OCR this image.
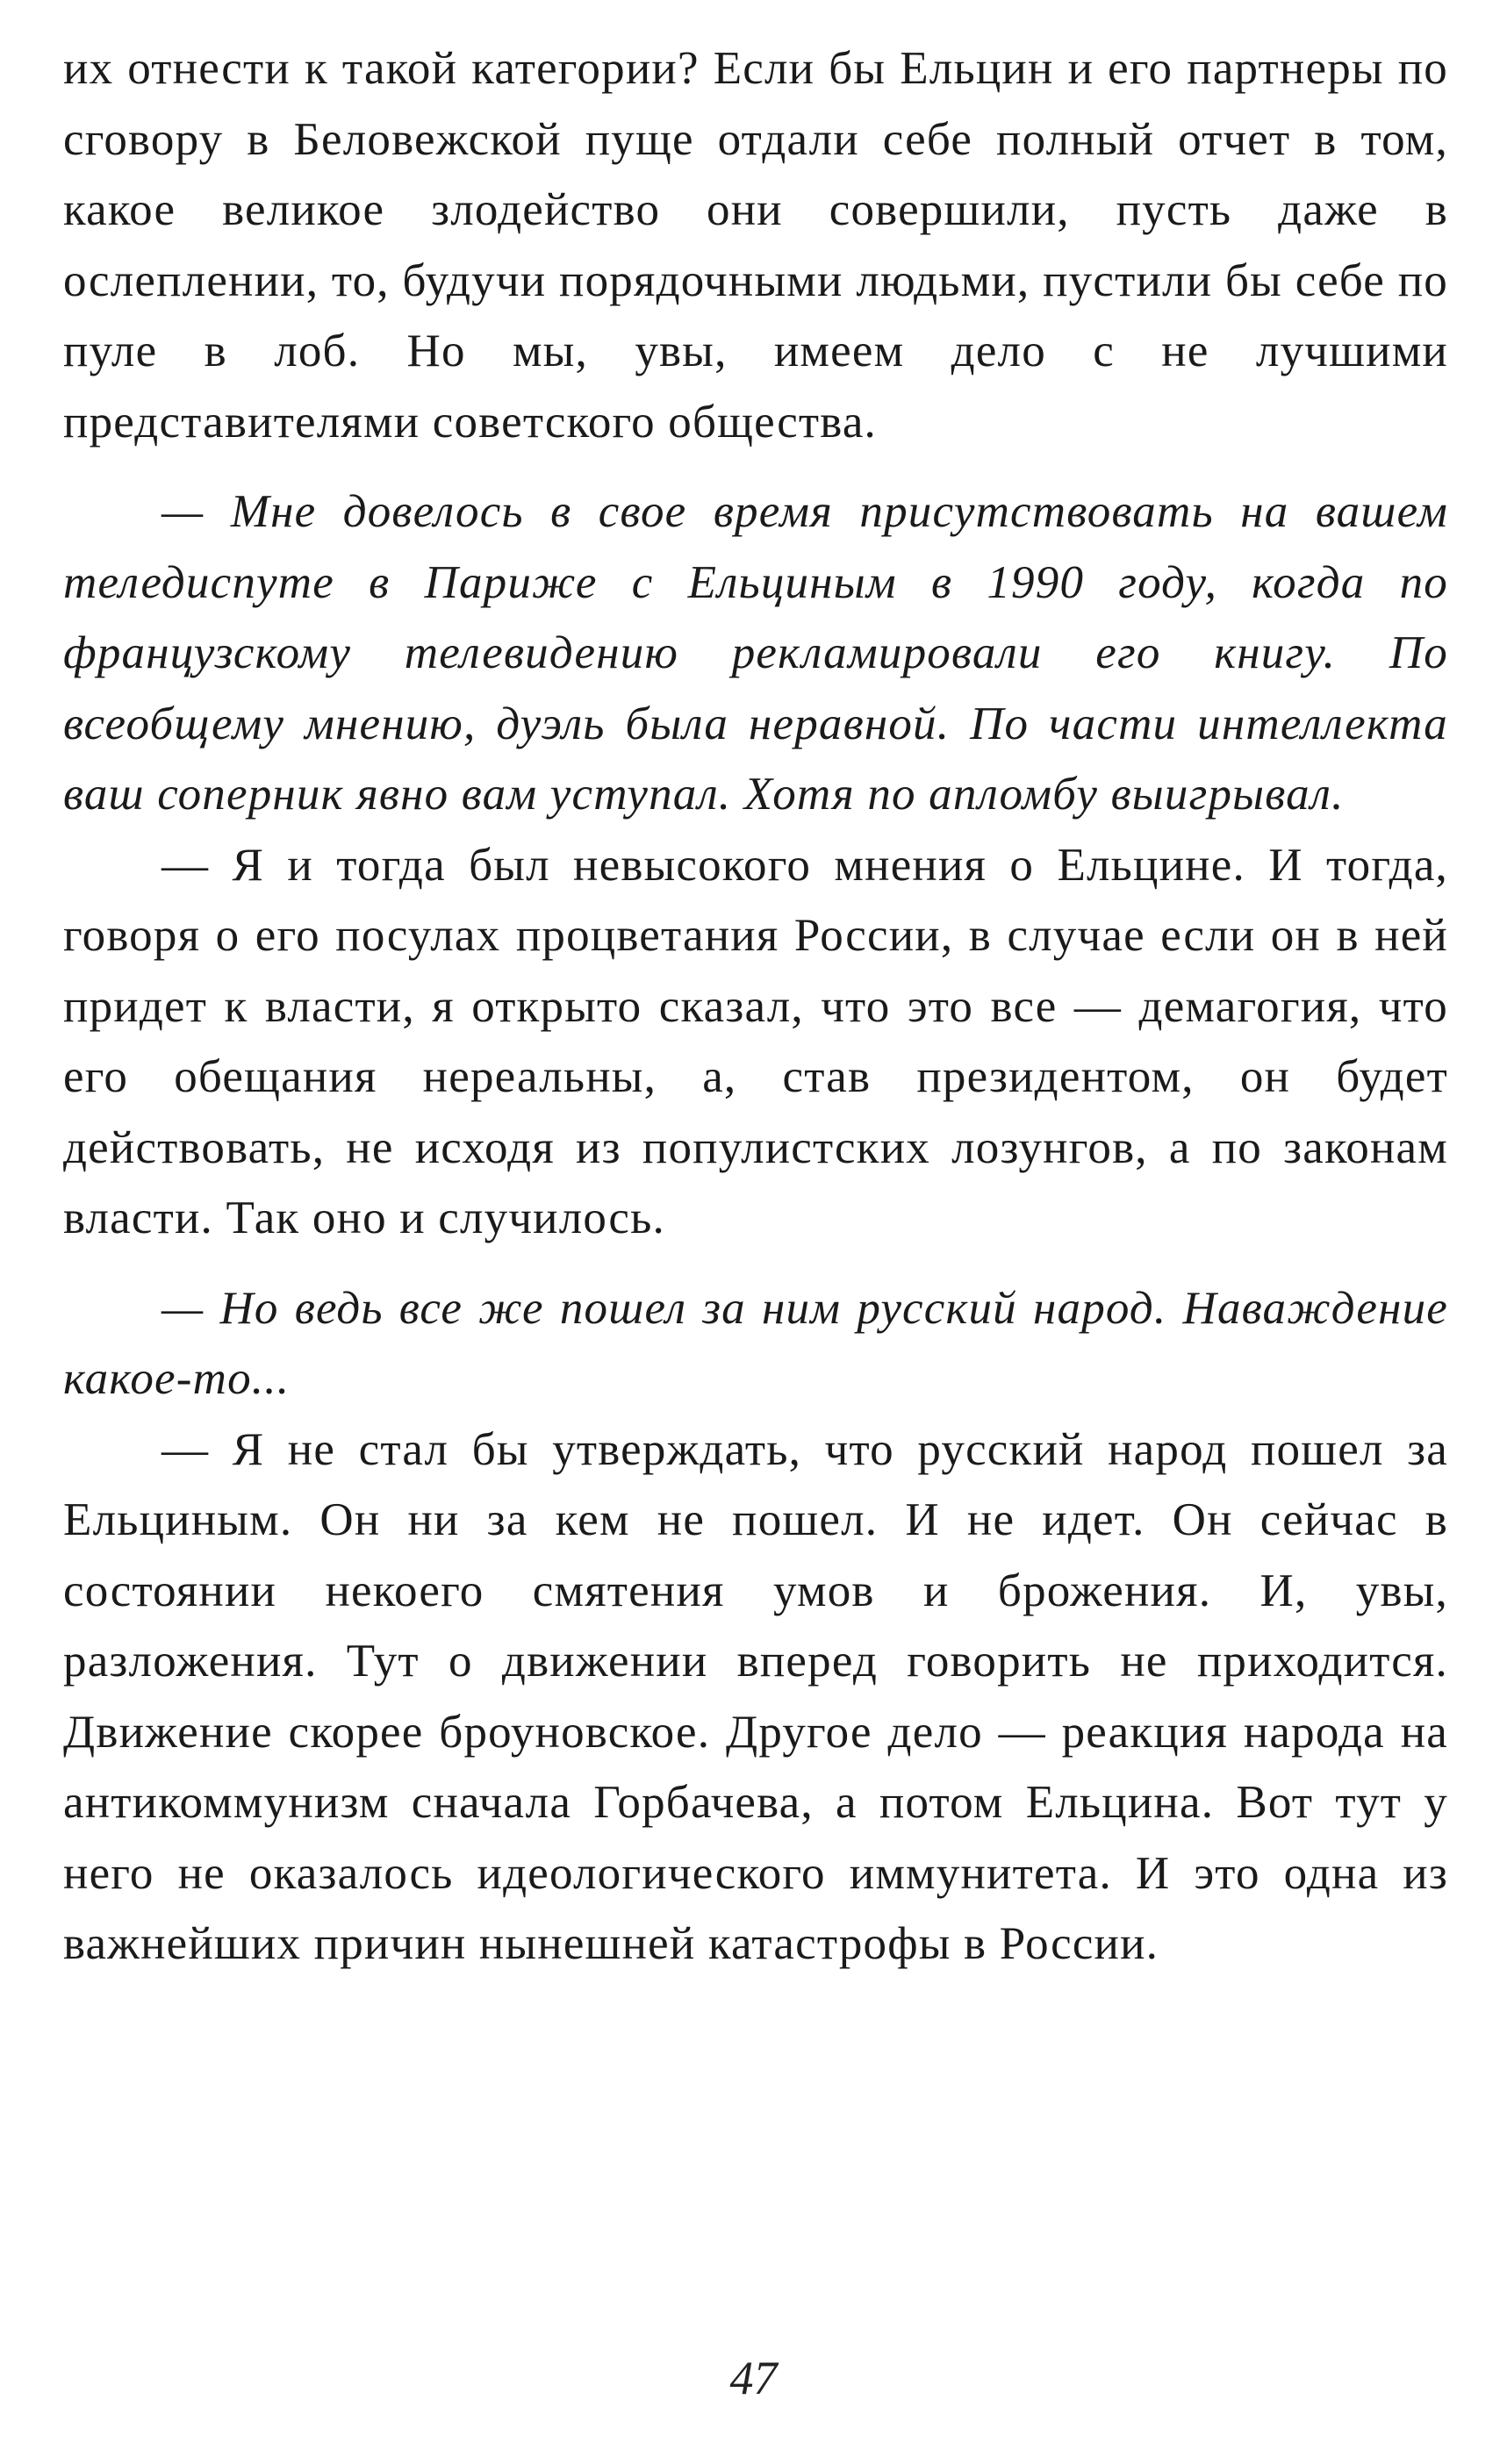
их отнести к такой категории? Если бы Ельцин и его партнеры по сговору в Беловежской пуще отдали себе полный отчет в том, какое великое злодейство они совершили, пусть даже в ослеплении, то, будучи порядочными людьми, пустили бы себе по пуле в лоб. Но мы, увы, имеем дело с не лучшими представителями советского общества.

— Мне довелось в свое время присутствовать на вашем теледиспуте в Париже с Ельциным в 1990 году, когда по французскому телевидению рекламировали его книгу. По всеобщему мнению, дуэль была неравной. По части интеллекта ваш соперник явно вам уступал. Хотя по апломбу выигрывал.

— Я и тогда был невысокого мнения о Ельцине. И тогда, говоря о его посулах процветания России, в случае если он в ней придет к власти, я открыто сказал, что это все — демагогия, что его обещания нереальны, а, став президентом, он будет действовать, не исходя из популистских лозунгов, а по законам власти. Так оно и случилось.

— Но ведь все же пошел за ним русский народ. Наваждение какое-то...

— Я не стал бы утверждать, что русский народ пошел за Ельциным. Он ни за кем не пошел. И не идет. Он сейчас в состоянии некоего смятения умов и брожения. И, увы, разложения. Тут о движении вперед говорить не приходится. Движение скорее броуновское. Другое дело — реакция народа на антикоммунизм сначала Горбачева, а потом Ельцина. Вот тут у него не оказалось идеологического иммунитета. И это одна из важнейших причин нынешней катастрофы в России.

47
